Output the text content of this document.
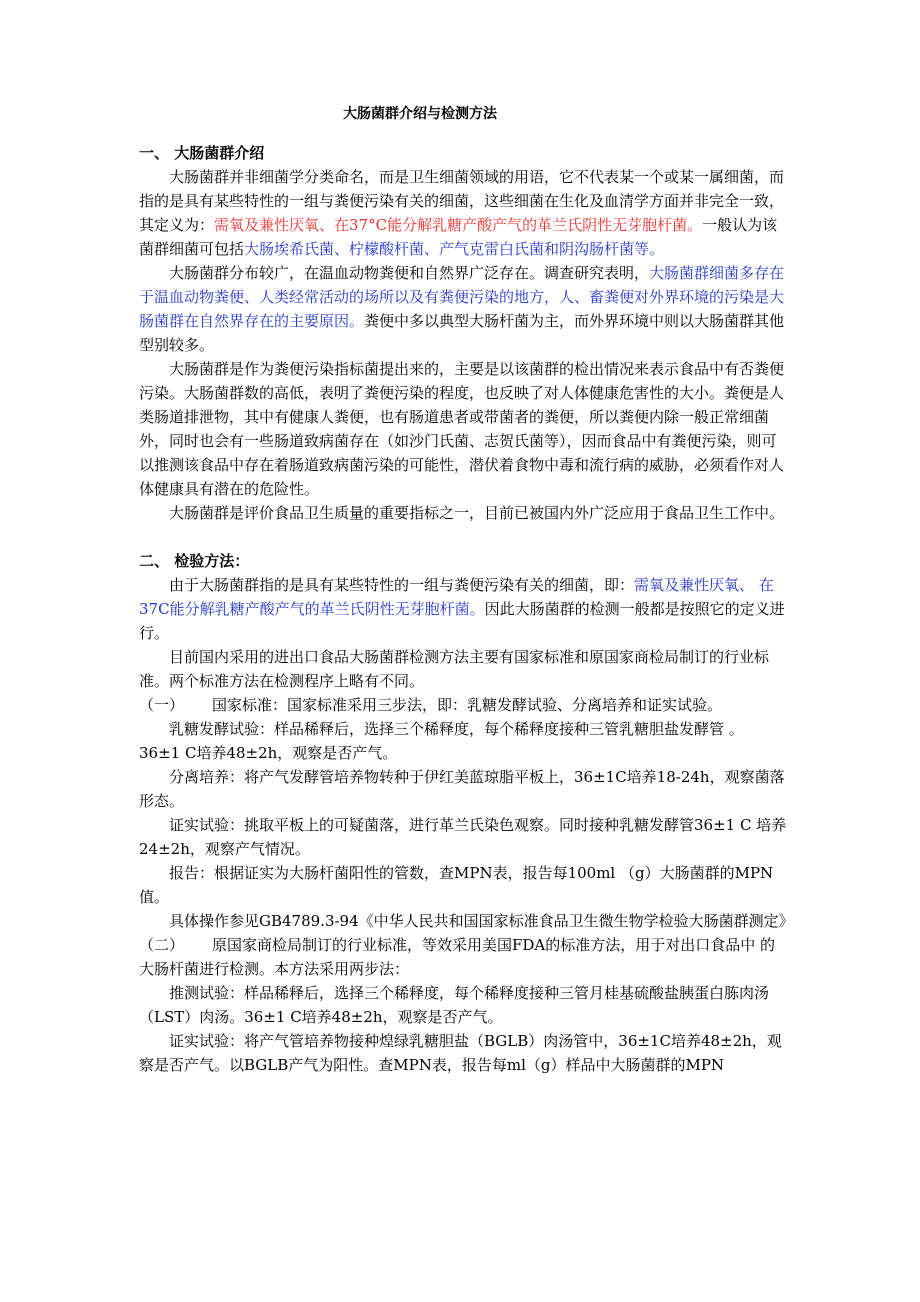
大肠菌群介绍与检测方法
一、 大肠菌群介绍

大肠菌群并非细菌学分类命名，而是卫生细菌领域的用语，它不代表某一个或某一属细菌，而指的是具有某些特性的一组与粪便污染有关的细菌，这些细菌在生化及血清学方面并非完全一致，其定义为：需氧及兼性厌氧、在37°C能分解乳糖产酸产气的革兰氏阴性无芽胞杆菌。一般认为该菌群细菌可包括大肠埃希氏菌、柠檬酸杆菌、产气克雷白氏菌和阴沟肠杆菌等。

大肠菌群分布较广，在温血动物粪便和自然界广泛存在。调查研究表明，大肠菌群细菌多存在于温血动物粪便、人类经常活动的场所以及有粪便污染的地方，人、畜粪便对外界环境的污染是大肠菌群在自然界存在的主要原因。粪便中多以典型大肠杆菌为主，而外界环境中则以大肠菌群其他型别较多。

大肠菌群是作为粪便污染指标菌提出来的，主要是以该菌群的检出情况来表示食品中有否粪便污染。大肠菌群数的高低，表明了粪便污染的程度，也反映了对人体健康危害性的大小。粪便是人类肠道排泄物，其中有健康人粪便，也有肠道患者或带菌者的粪便，所以粪便内除一般正常细菌外，同时也会有一些肠道致病菌存在（如沙门氏菌、志贺氏菌等），因而食品中有粪便污染，则可以推测该食品中存在着肠道致病菌污染的可能性，潜伏着食物中毒和流行病的威胁，必须看作对人体健康具有潜在的危险性。

大肠菌群是评价食品卫生质量的重要指标之一，目前已被国内外广泛应用于食品卫生工作中。

二、 检验方法：

由于大肠菌群指的是具有某些特性的一组与粪便污染有关的细菌，即：需氧及兼性厌氧、 在37C能分解乳糖产酸产气的革兰氏阴性无芽胞杆菌。因此大肠菌群的检测一般都是按照它的定义进行。

目前国内采用的进出口食品大肠菌群检测方法主要有国家标准和原国家商检局制订的行业标准。两个标准方法在检测程序上略有不同。

（一） 国家标准：国家标准采用三步法，即：乳糖发酵试验、分离培养和证实试验。

乳糖发酵试验：样品稀释后，选择三个稀释度，每个稀释度接种三管乳糖胆盐发酵管 。 36±1 C培养48±2h，观察是否产气。

分离培养：将产气发酵管培养物转种于伊红美蓝琼脂平板上，36±1C培养18-24h，观察菌落形态。

证实试验：挑取平板上的可疑菌落，进行革兰氏染色观察。同时接种乳糖发酵管36±1 C 培养24±2h，观察产气情况。

报告：根据证实为大肠杆菌阳性的管数，查MPN表，报告每100ml （g）大肠菌群的MPN 值。

具体操作参见GB4789.3-94《中华人民共和国国家标准食品卫生微生物学检验大肠菌群测定》

（二） 原国家商检局制订的行业标准，等效采用美国FDA的标准方法，用于对出口食品中 的大肠杆菌进行检测。本方法采用两步法：

推测试验：样品稀释后，选择三个稀释度，每个稀释度接种三管月桂基硫酸盐胰蛋白胨肉汤（LST）肉汤。36±1 C培养48±2h，观察是否产气。

证实试验：将产气管培养物接种煌绿乳糖胆盐（BGLB）肉汤管中，36±1C培养48±2h，观察是否产气。以BGLB产气为阳性。查MPN表，报告每ml（g）样品中大肠菌群的MPN
